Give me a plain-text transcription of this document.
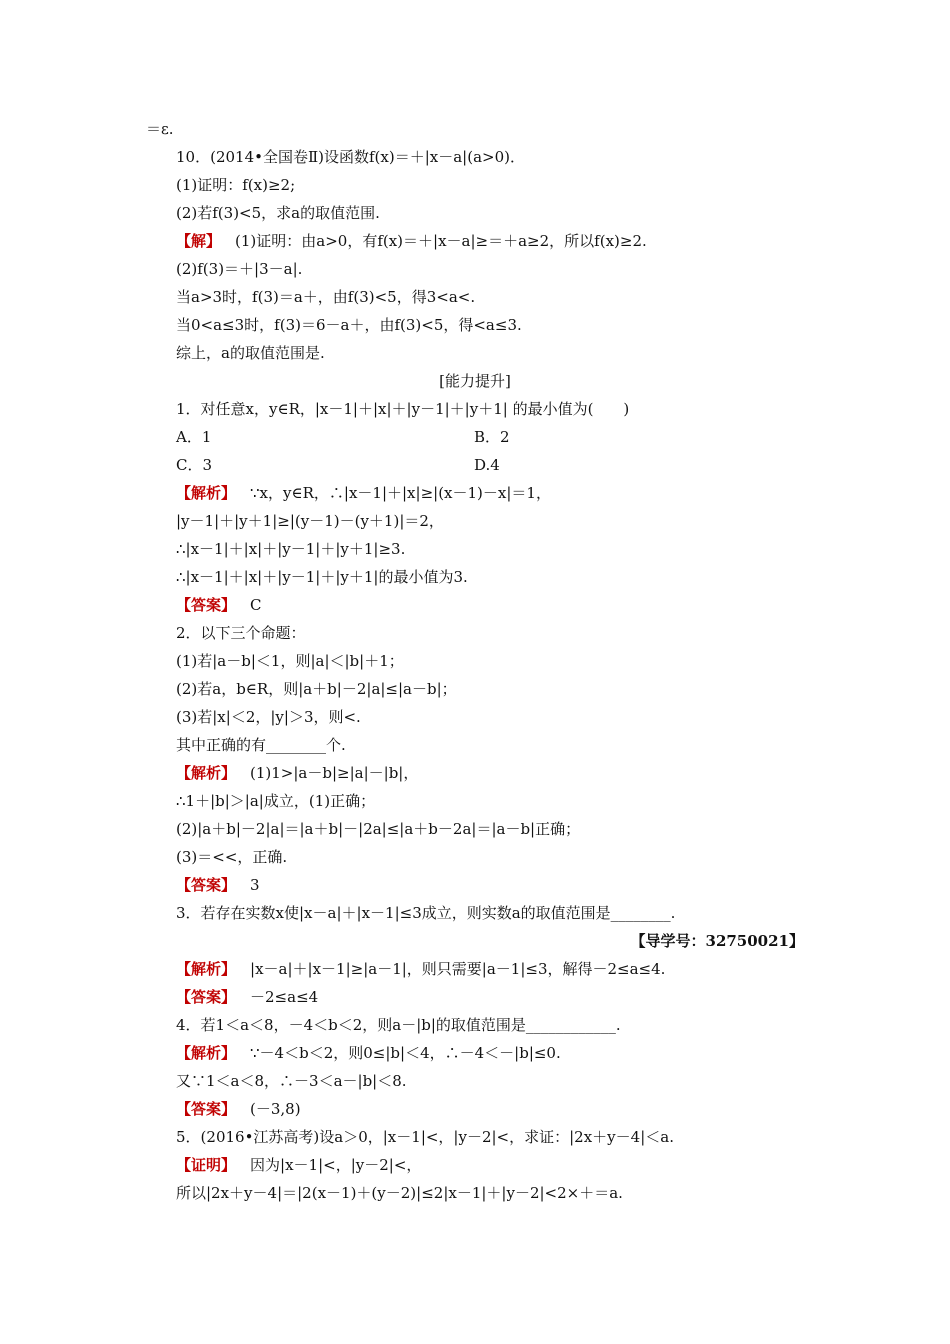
＝ε.
10．(2014•全国卷Ⅱ)设函数f(x)＝＋|x－a|(a>0)．
(1)证明：f(x)≥2;
(2)若f(3)<5，求a的取值范围.
【解】 (1)证明：由a>0，有f(x)＝＋|x－a|≥＝＋a≥2，所以f(x)≥2.
(2)f(3)＝＋|3－a|.
当a>3时，f(3)＝a＋，由f(3)<5，得3<a<.
当0<a≤3时，f(3)＝6－a＋，由f(3)<5，得<a≤3.
综上，a的取值范围是.
[能力提升]
1．对任意x，y∈R，|x－1|＋|x|＋|y－1|＋|y＋1| 的最小值为(　　)
A．1	B．2
C．3	D.4
【解析】 ∵x，y∈R，∴|x－1|＋|x|≥|(x－1)－x|＝1，
|y－1|＋|y＋1|≥|(y－1)－(y＋1)|＝2，
∴|x－1|＋|x|＋|y－1|＋|y＋1|≥3.
∴|x－1|＋|x|＋|y－1|＋|y＋1|的最小值为3.
【答案】 C
2．以下三个命题：
(1)若|a－b|＜1，则|a|＜|b|＋1；
(2)若a，b∈R，则|a＋b|－2|a|≤|a－b|；
(3)若|x|＜2，|y|＞3，则<.
其中正确的有________个.
【解析】 (1)1>|a－b|≥|a|－|b|，
∴1＋|b|＞|a|成立，(1)正确；
(2)|a＋b|－2|a|＝|a＋b|－|2a|≤|a＋b－2a|＝|a－b|正确；
(3)＝<<，正确.
【答案】 3
3．若存在实数x使|x－a|＋|x－1|≤3成立，则实数a的取值范围是________.
【导学号：32750021】
【解析】 |x－a|＋|x－1|≥|a－1|，则只需要|a－1|≤3，解得－2≤a≤4.
【答案】 －2≤a≤4
4．若1＜a＜8，－4＜b＜2，则a－|b|的取值范围是____________.
【解析】 ∵－4＜b＜2，则0≤|b|＜4，∴－4＜－|b|≤0.
又∵1＜a＜8，∴－3＜a－|b|＜8.
【答案】 (－3,8)
5．(2016•江苏高考)设a＞0，|x－1|<，|y－2|<，求证：|2x＋y－4|＜a.
【证明】 因为|x－1|<，|y－2|<，
所以|2x＋y－4|＝|2(x－1)＋(y－2)|≤2|x－1|＋|y－2|<2×＋＝a.
